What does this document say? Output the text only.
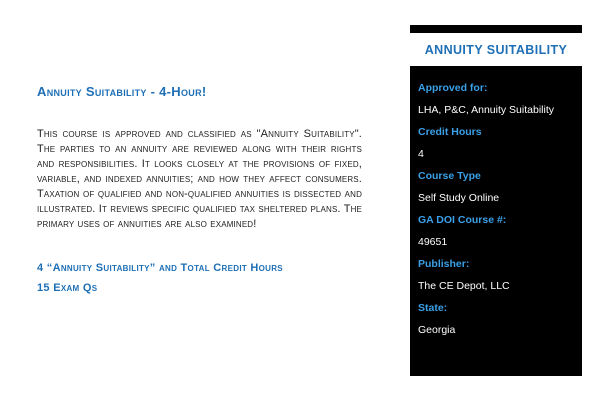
Annuity Suitability - 4-Hour!
This course is approved and classified as "Annuity Suitability". The parties to an annuity are reviewed along with their rights and responsibilities. It looks closely at the provisions of fixed, variable, and indexed annuities; and how they affect consumers. Taxation of qualified and non-qualified annuities is dissected and illustrated. It reviews specific qualified tax sheltered plans. The primary uses of annuities are also examined!
4 “Annuity Suitability” and Total Credit Hours
15 Exam Qs
ANNUITY SUITABILITY
Approved for:
LHA, P&C, Annuity Suitability
Credit Hours
4
Course Type
Self Study Online
GA DOI Course #:
49651
Publisher:
The CE Depot, LLC
State:
Georgia
